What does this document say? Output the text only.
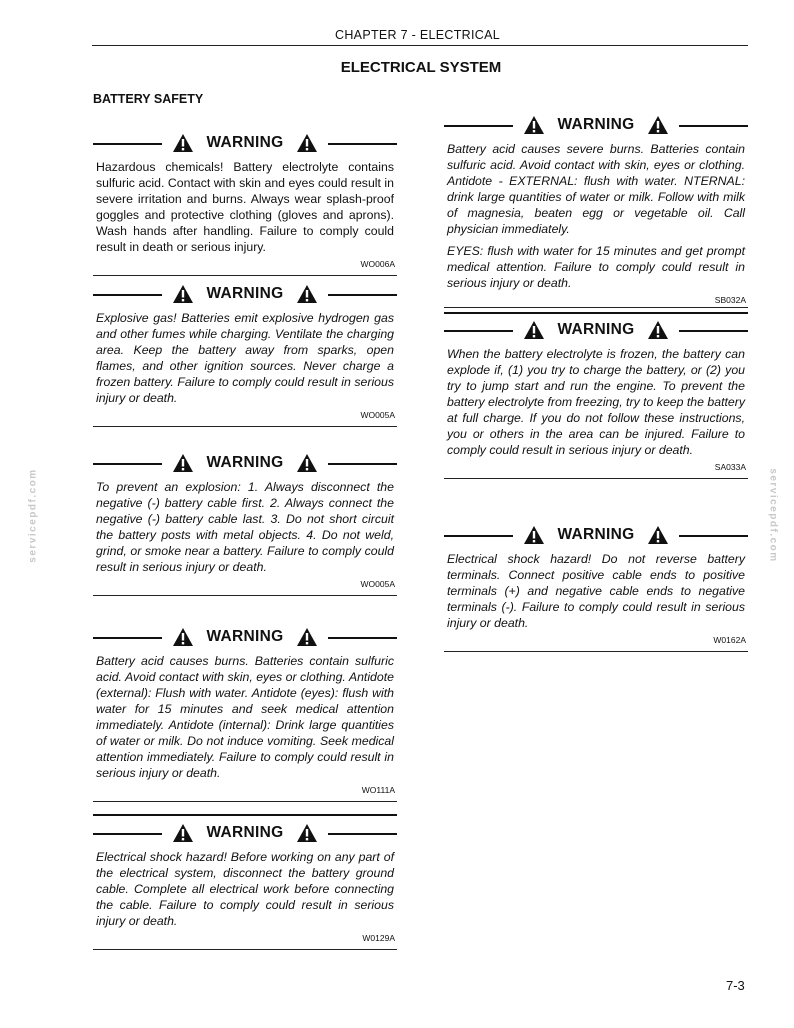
CHAPTER 7 - ELECTRICAL
ELECTRICAL SYSTEM
BATTERY SAFETY
servicepdf.com	servicepdf.com
WARNING
Hazardous chemicals! Battery electrolyte contains sulfuric acid. Contact with skin and eyes could result in severe irritation and burns. Always wear splash-proof goggles and protective clothing (gloves and aprons). Wash hands after handling. Failure to comply could result in death or serious injury.
WO006A
WARNING
Explosive gas! Batteries emit explosive hydrogen gas and other fumes while charging. Ventilate the charging area. Keep the battery away from sparks, open flames, and other ignition sources. Never charge a frozen battery. Failure to comply could result in serious injury or death.
WO005A
WARNING
To prevent an explosion: 1. Always disconnect the negative (-) battery cable first. 2. Always connect the negative (-) battery cable last. 3. Do not short circuit the battery posts with metal objects. 4. Do not weld, grind, or smoke near a battery. Failure to comply could result in serious injury or death.
WO005A
WARNING
Battery acid causes burns. Batteries contain sulfuric acid. Avoid contact with skin, eyes or clothing. Antidote (external): Flush with water. Antidote (eyes): flush with water for 15 minutes and seek medical attention immediately. Antidote (internal): Drink large quantities of water or milk. Do not induce vomiting. Seek medical attention immediately. Failure to comply could result in serious injury or death.
WO111A
WARNING
Electrical shock hazard! Before working on any part of the electrical system, disconnect the battery ground cable. Complete all electrical work before connecting the cable. Failure to comply could result in serious injury or death.
W0129A
WARNING

Battery acid causes severe burns. Batteries contain sulfuric acid. Avoid contact with skin, eyes or clothing. Antidote - EXTERNAL: flush with water. NTERNAL: drink large quantities of water or milk. Follow with milk of magnesia, beaten egg or vegetable oil. Call physician immediately.

EYES: flush with water for 15 minutes and get prompt medical attention. Failure to comply could result in serious injury or death.

SB032A
WARNING
When the battery electrolyte is frozen, the battery can explode if, (1) you try to charge the battery, or (2) you try to jump start and run the engine. To prevent the battery electrolyte from freezing, try to keep the battery at full charge. If you do not follow these instructions, you or others in the area can be injured. Failure to comply could result in serious injury or death.
SA033A
WARNING
Electrical shock hazard! Do not reverse battery terminals. Connect positive cable ends to positive terminals (+) and negative cable ends to negative terminals (-). Failure to comply could result in serious injury or death.
W0162A
7-3
